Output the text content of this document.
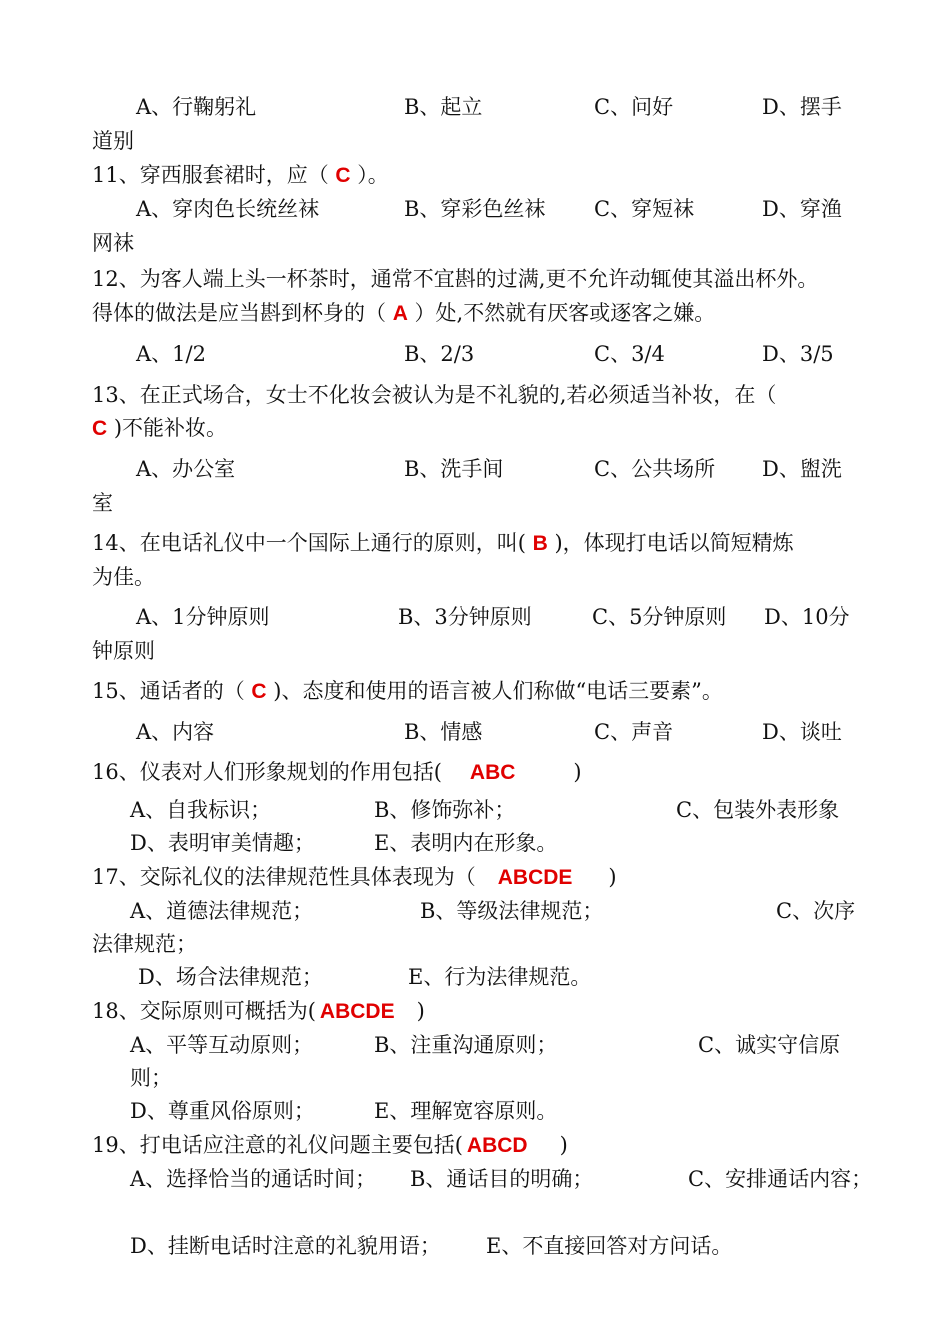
A、行鞠躬礼	B、起立	C、问好	D、摆手
道别
11、穿西服套裙时，应（ C ）。
A、穿肉色长统丝袜	B、穿彩色丝袜 C、穿短袜	D、穿渔
网袜
12、为客人端上头一杯茶时，通常不宜斟的过满,更不允许动辄使其溢出杯外。
得体的做法是应当斟到杯身的（ A ）处,不然就有厌客或逐客之嫌。
A、1/2	B、2/3	C、3/4	D、3/5
13、在正式场合，女士不化妆会被认为是不礼貌的,若必须适当补妆，在（
C )不能补妆。
A、办公室	B、洗手间	C、公共场所 D、盥洗
室
14、在电话礼仪中一个国际上通行的原则，叫( B )，体现打电话以简短精炼
为佳。
A、1分钟原则	B、3分钟原则	C、5分钟原则 D、10分
钟原则
15、通话者的（ C )、态度和使用的语言被人们称做“电话三要素”。
A、内容	B、情感	C、声音	D、谈吐
16、仪表对人们形象规划的作用包括( ABC	)
A、自我标识；	B、修饰弥补；	C、包装外表形象
D、表明审美情趣；	E、表明内在形象。
17、交际礼仪的法律规范性具体表现为（ ABCDE )
A、道德法律规范；	B、等级法律规范；	C、次序
法律规范；
D、场合法律规范；	E、行为法律规范。
18、交际原则可概括为( ABCDE )
A、平等互动原则；	B、注重沟通原则；	C、诚实守信原
则；
D、尊重风俗原则；	E、理解宽容原则。
19、打电话应注意的礼仪问题主要包括( ABCD )
A、选择恰当的通话时间； B、通话目的明确；	C、安排通话内容；
D、挂断电话时注意的礼貌用语； E、不直接回答对方问话。
